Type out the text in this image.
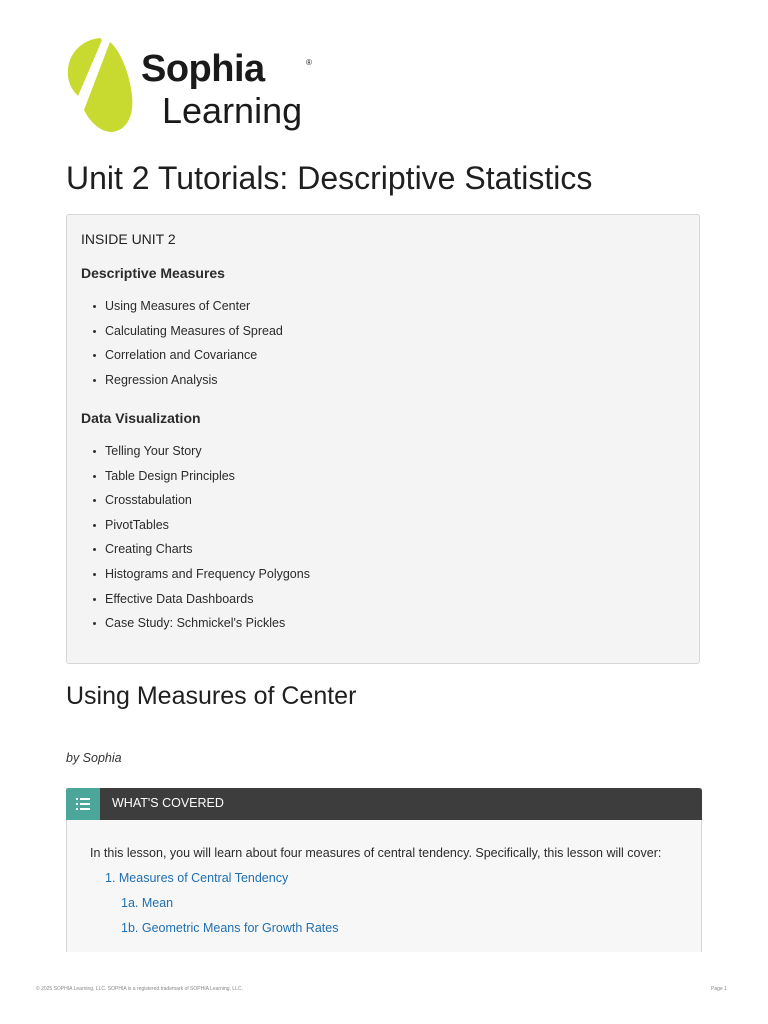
Sophia	®
Learning
Unit 2 Tutorials: Descriptive Statistics
INSIDE UNIT 2
Descriptive Measures
Using Measures of Center
Calculating Measures of Spread
Correlation and Covariance
Regression Analysis
Data Visualization
Telling Your Story
Table Design Principles
Crosstabulation
PivotTables
Creating Charts
Histograms and Frequency Polygons
Effective Data Dashboards
Case Study: Schmickel's Pickles
Using Measures of Center
by Sophia
WHAT'S COVERED
In this lesson, you will learn about four measures of central tendency. Specifically, this lesson will cover:
1. Measures of Central Tendency
1a. Mean
1b. Geometric Means for Growth Rates
© 2025 SOPHIA Learning, LLC. SOPHIA is a registered trademark of SOPHIA Learning, LLC.	Page 1
